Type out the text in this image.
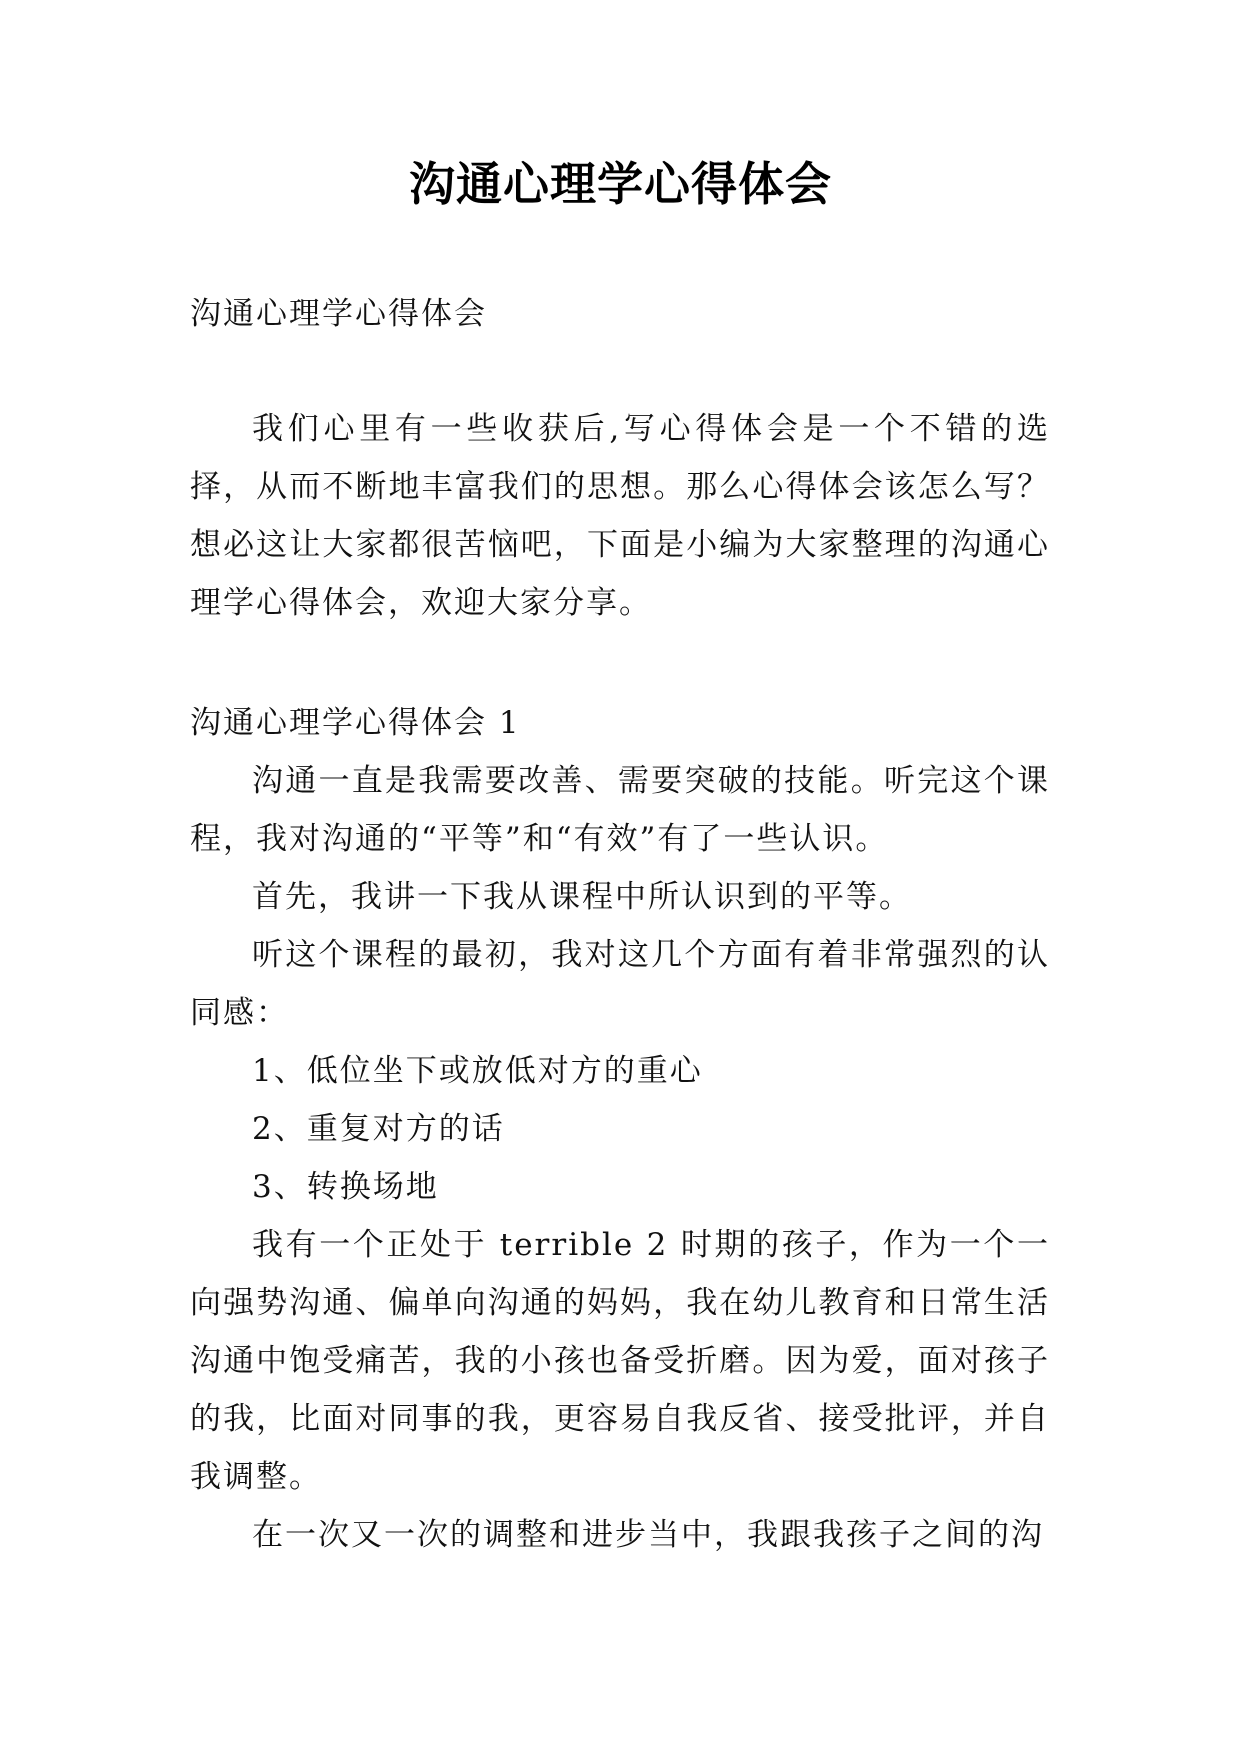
沟通心理学心得体会
沟通心理学心得体会

我们心里有一些收获后,写心得体会是一个不错的选择，从而不断地丰富我们的思想。那么心得体会该怎么写？想必这让大家都很苦恼吧，下面是小编为大家整理的沟通心理学心得体会，欢迎大家分享。

沟通心理学心得体会 1

沟通一直是我需要改善、需要突破的技能。听完这个课程，我对沟通的“平等”和“有效”有了一些认识。

首先，我讲一下我从课程中所认识到的平等。

听这个课程的最初，我对这几个方面有着非常强烈的认同感：

1、低位坐下或放低对方的重心

2、重复对方的话

3、转换场地

我有一个正处于 terrible 2 时期的孩子，作为一个一向强势沟通、偏单向沟通的妈妈，我在幼儿教育和日常生活沟通中饱受痛苦，我的小孩也备受折磨。因为爱，面对孩子的我，比面对同事的我，更容易自我反省、接受批评，并自我调整。

在一次又一次的调整和进步当中，我跟我孩子之间的沟
